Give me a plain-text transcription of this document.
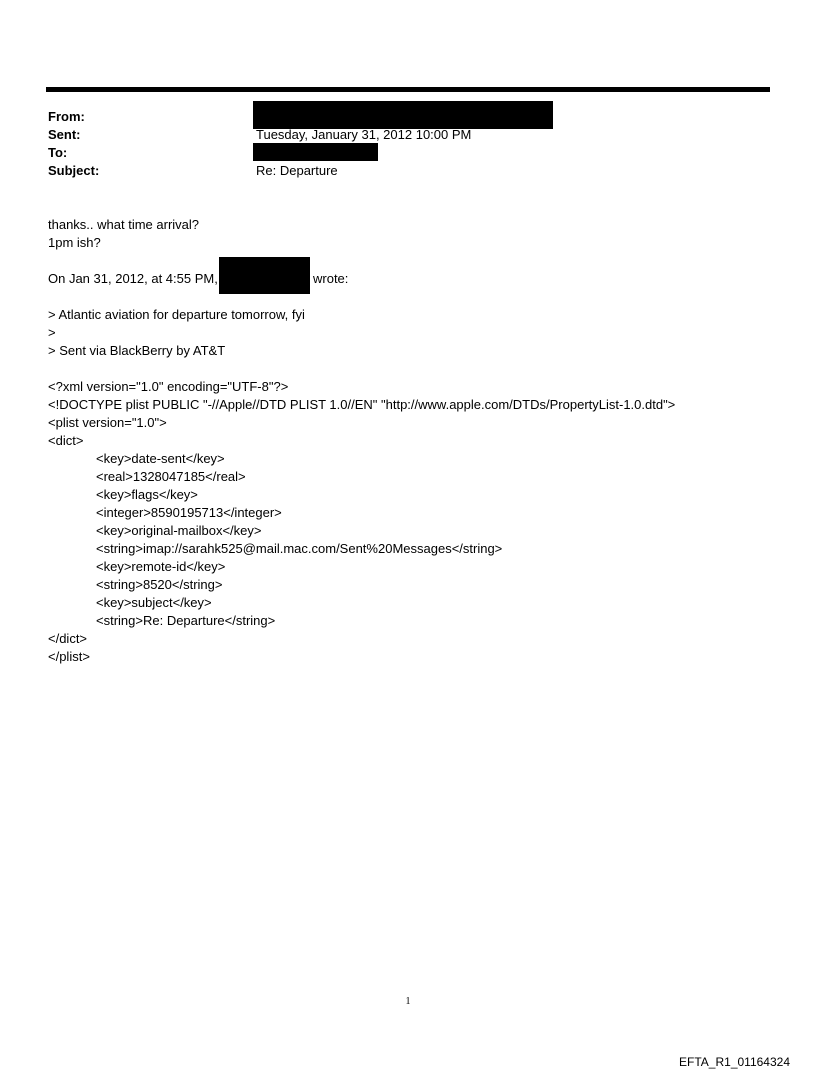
From:
Sent:
To:
Subject:
Tuesday, January 31, 2012 10:00 PM
Re: Departure
thanks.. what time arrival?
1pm ish?
On Jan 31, 2012, at 4:55 PM,	wrote:
> Atlantic aviation for departure tomorrow, fyi
>
> Sent via BlackBerry by AT&T
<?xml version="1.0" encoding="UTF-8"?>
<!DOCTYPE plist PUBLIC "-//Apple//DTD PLIST 1.0//EN" "http://www.apple.com/DTDs/PropertyList-1.0.dtd">
<plist version="1.0">
<dict>
<key>date-sent</key>
<real>1328047185</real>
<key>flags</key>
<integer>8590195713</integer>
<key>original-mailbox</key>
<string>imap://sarahk525@mail.mac.com/Sent%20Messages</string>
<key>remote-id</key>
<string>8520</string>
<key>subject</key>
<string>Re: Departure</string>
</dict>
</plist>
1
EFTA_R1_01164324
